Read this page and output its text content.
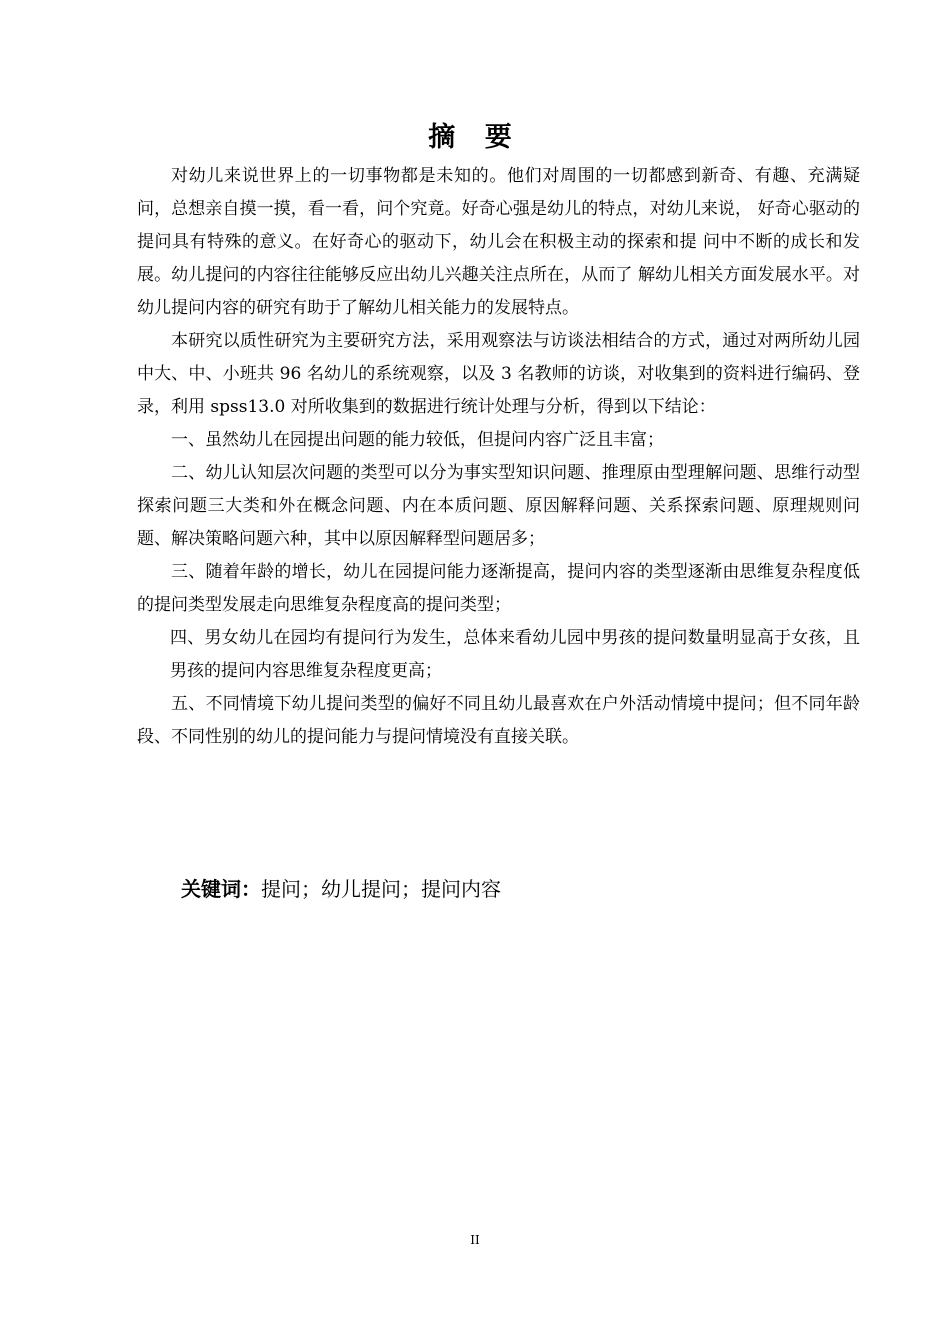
摘 要

对幼儿来说世界上的一切事物都是未知的。他们对周围的一切都感到新奇、有趣、充满疑问，总想亲自摸一摸，看一看，问个究竟。好奇心强是幼儿的特点，对幼儿来说， 好奇心驱动的提问具有特殊的意义。在好奇心的驱动下，幼儿会在积极主动的探索和提 问中不断的成长和发展。幼儿提问的内容往往能够反应出幼儿兴趣关注点所在，从而了 解幼儿相关方面发展水平。对幼儿提问内容的研究有助于了解幼儿相关能力的发展特点。

本研究以质性研究为主要研究方法，采用观察法与访谈法相结合的方式，通过对两所幼儿园中大、中、小班共 96 名幼儿的系统观察，以及 3 名教师的访谈，对收集到的资料进行编码、登录，利用 spss13.0 对所收集到的数据进行统计处理与分析，得到以下结论：

一、虽然幼儿在园提出问题的能力较低，但提问内容广泛且丰富；

二、幼儿认知层次问题的类型可以分为事实型知识问题、推理原由型理解问题、思维行动型探索问题三大类和外在概念问题、内在本质问题、原因解释问题、关系探索问题、原理规则问题、解决策略问题六种，其中以原因解释型问题居多；

三、随着年龄的增长，幼儿在园提问能力逐渐提高，提问内容的类型逐渐由思维复杂程度低的提问类型发展走向思维复杂程度高的提问类型；

四、男女幼儿在园均有提问行为发生，总体来看幼儿园中男孩的提问数量明显高于女孩，且男孩的提问内容思维复杂程度更高；

五、不同情境下幼儿提问类型的偏好不同且幼儿最喜欢在户外活动情境中提问；但不同年龄段、不同性别的幼儿的提问能力与提问情境没有直接关联。

关键词：提问；幼儿提问；提问内容
II
